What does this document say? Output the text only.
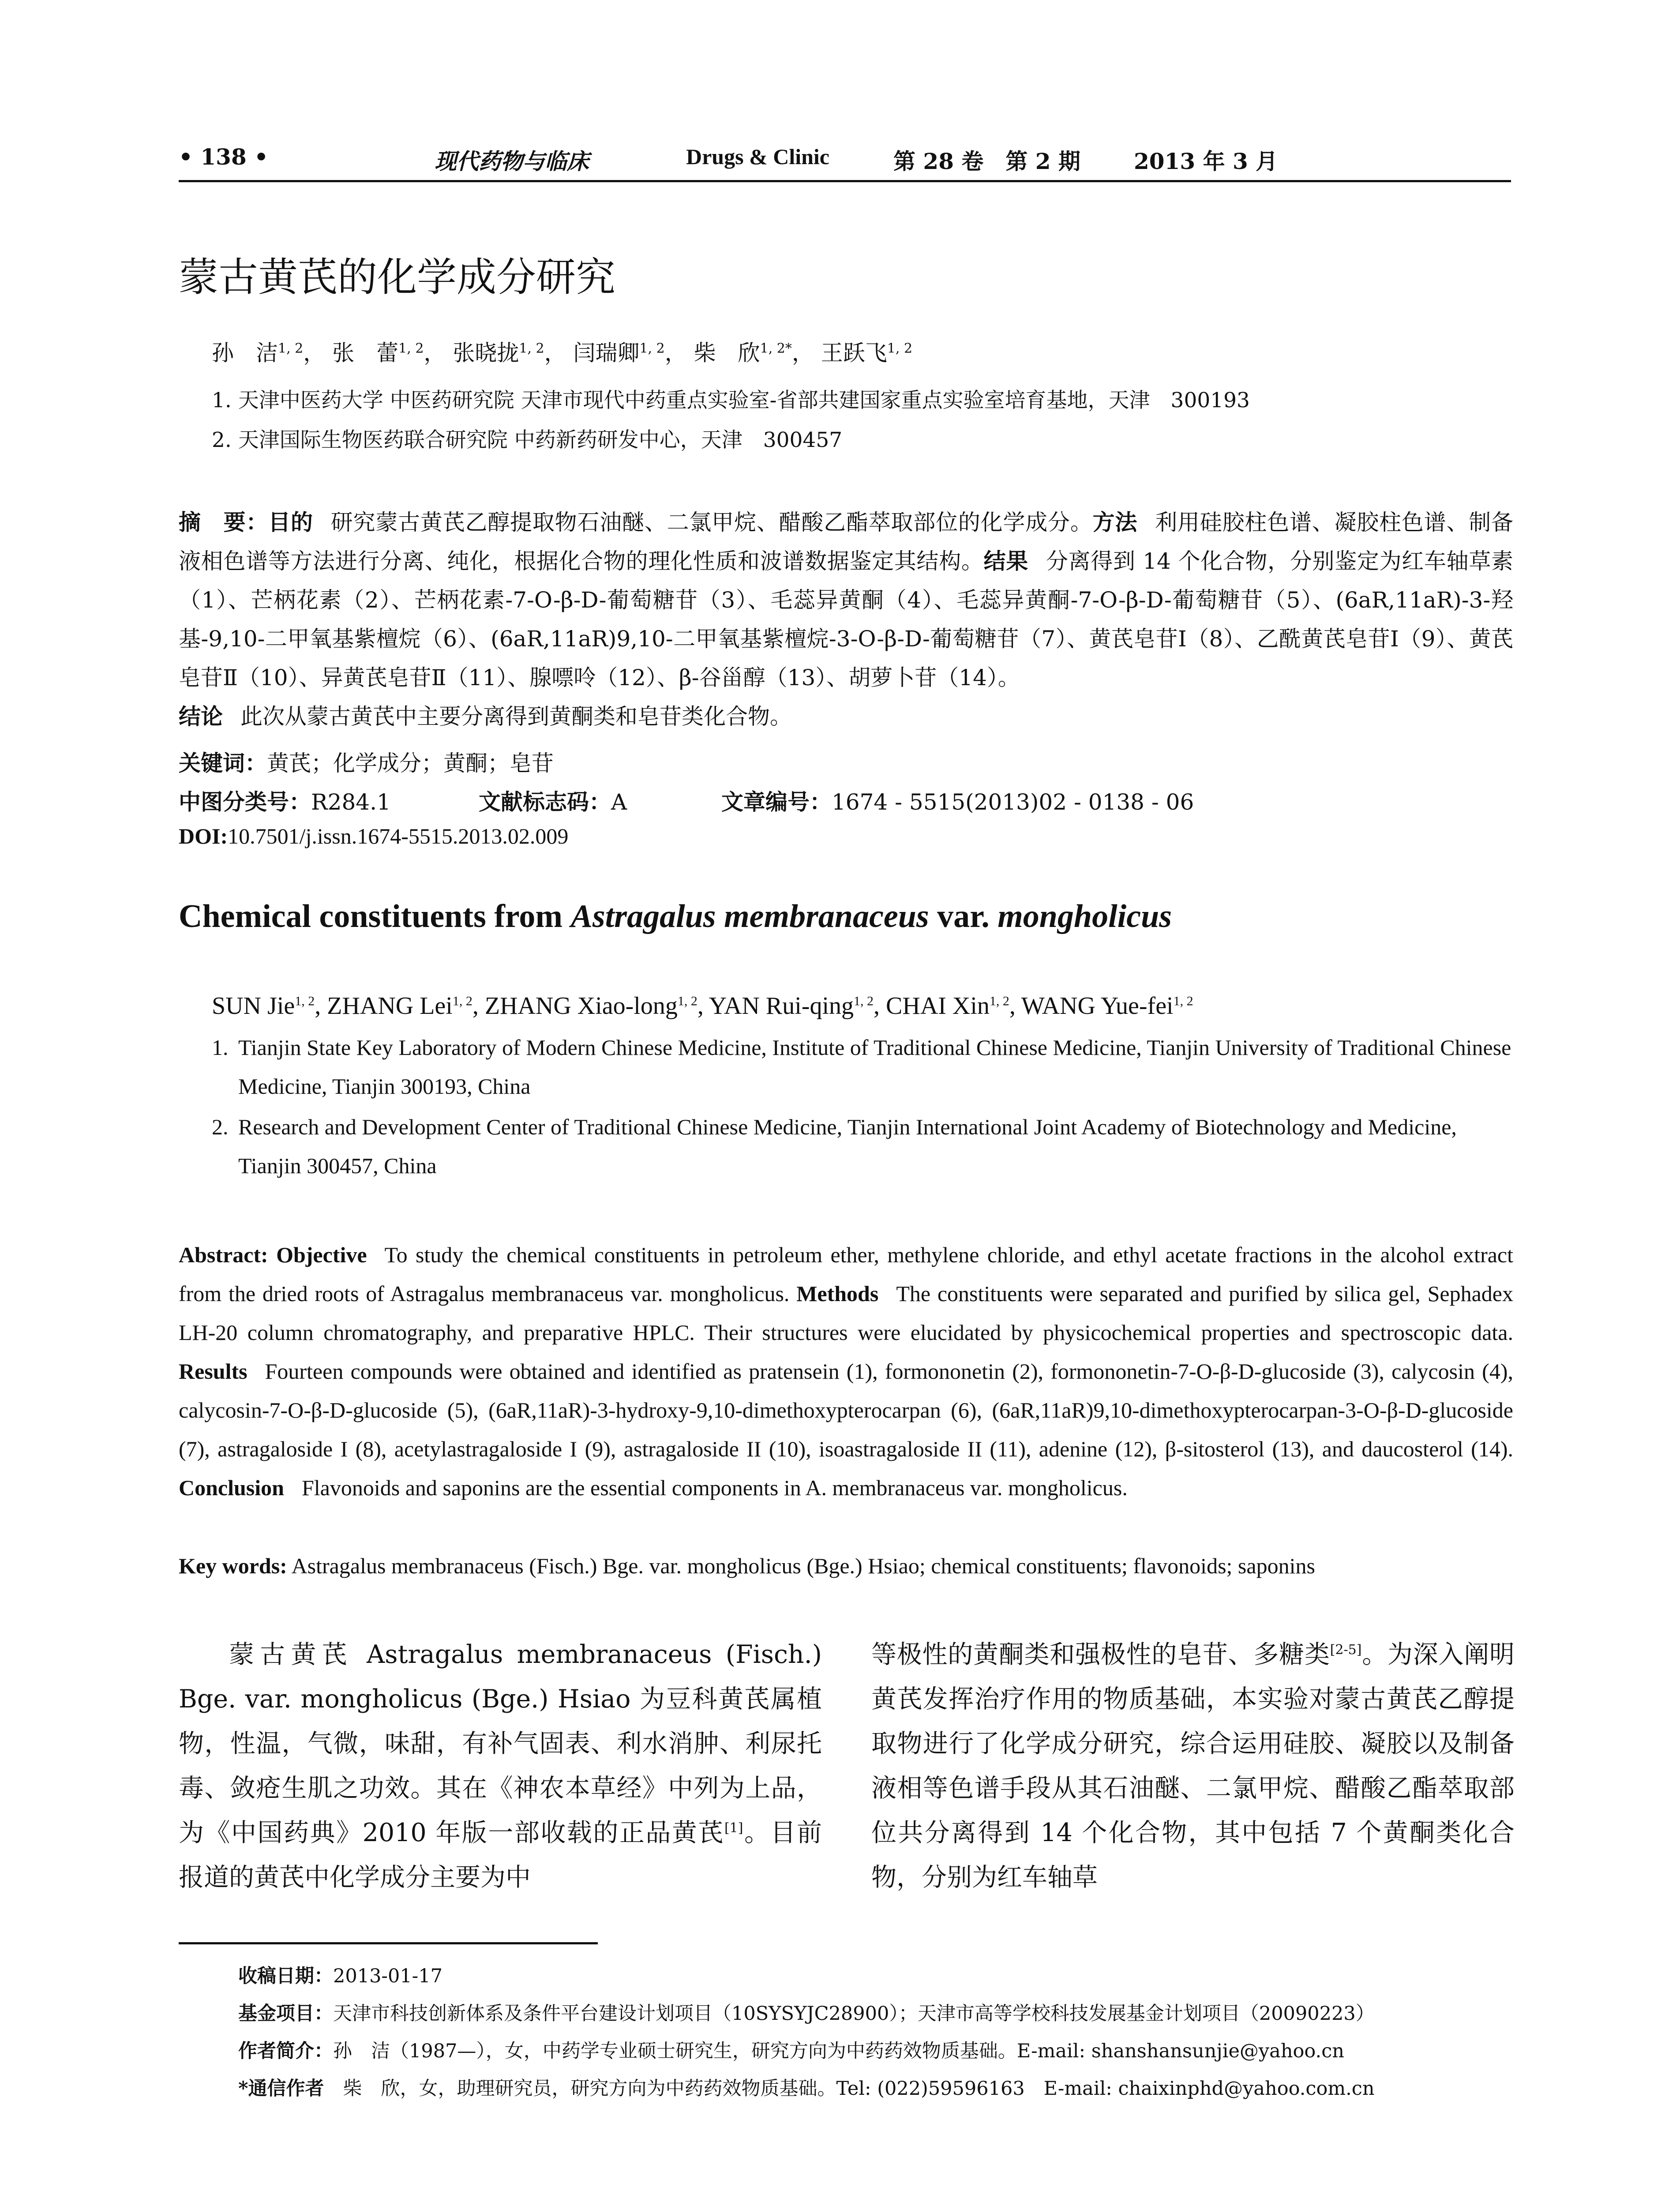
• 138 •	现代药物与临床	Drugs & Clinic	第 28 卷　第 2 期 2013 年 3 月
蒙古黄芪的化学成分研究
孙　洁$^{1, 2}$， 张　蕾$^{1, 2}$， 张晓拢$^{1, 2}$， 闫瑞卿$^{1, 2}$， 柴　欣$^{1, 2*}$， 王跃飞$^{1, 2}$
1. 天津中医药大学 中医药研究院 天津市现代中药重点实验室-省部共建国家重点实验室培育基地，天津　300193
2. 天津国际生物医药联合研究院 中药新药研发中心，天津　300457
摘　要：目的 研究蒙古黄芪乙醇提取物石油醚、二氯甲烷、醋酸乙酯萃取部位的化学成分。方法 利用硅胶柱色谱、凝胶柱色谱、制备液相色谱等方法进行分离、纯化，根据化合物的理化性质和波谱数据鉴定其结构。结果 分离得到 14 个化合物，分别鉴定为红车轴草素（1）、芒柄花素（2）、芒柄花素-7-O-β-D-葡萄糖苷（3）、毛蕊异黄酮（4）、毛蕊异黄酮-7-O-β-D-葡萄糖苷（5）、(6aR,11aR)-3-羟基-9,10-二甲氧基紫檀烷（6）、(6aR,11aR)9,10-二甲氧基紫檀烷-3-O-β-D-葡萄糖苷（7）、黄芪皂苷Ⅰ（8）、乙酰黄芪皂苷Ⅰ（9）、黄芪皂苷Ⅱ（10）、异黄芪皂苷Ⅱ（11）、腺嘌呤（12）、β-谷甾醇（13）、胡萝卜苷（14）。
结论 此次从蒙古黄芪中主要分离得到黄酮类和皂苷类化合物。
关键词：黄芪；化学成分；黄酮；皂苷
中图分类号：R284.1	文献标志码：A	文章编号：1674 - 5515(2013)02 - 0138 - 06
DOI:10.7501/j.issn.1674-5515.2013.02.009
Chemical constituents from Astragalus membranaceus var. mongholicus
SUN Jie$^{1, 2}$, ZHANG Lei$^{1, 2}$, ZHANG Xiao-long$^{1, 2}$, YAN Rui-qing$^{1, 2}$, CHAI Xin$^{1, 2}$, WANG Yue-fei$^{1, 2}$
1. Tianjin State Key Laboratory of Modern Chinese Medicine, Institute of Traditional Chinese Medicine, Tianjin University of Traditional Chinese Medicine, Tianjin 300193, China
2. Research and Development Center of Traditional Chinese Medicine, Tianjin International Joint Academy of Biotechnology and Medicine, Tianjin 300457, China
Abstract: Objective To study the chemical constituents in petroleum ether, methylene chloride, and ethyl acetate fractions in the alcohol extract from the dried roots of Astragalus membranaceus var. mongholicus. Methods The constituents were separated and purified by silica gel, Sephadex LH-20 column chromatography, and preparative HPLC. Their structures were elucidated by physicochemical properties and spectroscopic data. Results Fourteen compounds were obtained and identified as pratensein (1), formononetin (2), formononetin-7-O-β-D-glucoside (3), calycosin (4), calycosin-7-O-β-D-glucoside (5), (6aR,11aR)-3-hydroxy-9,10-dimethoxypterocarpan (6), (6aR,11aR)9,10-dimethoxypterocarpan-3-O-β-D-glucoside (7), astragaloside I (8), acetylastragaloside I (9), astragaloside II (10), isoastragaloside II (11), adenine (12), β-sitosterol (13), and daucosterol (14). Conclusion Flavonoids and saponins are the essential components in A. membranaceus var. mongholicus.
Key words: Astragalus membranaceus (Fisch.) Bge. var. mongholicus (Bge.) Hsiao; chemical constituents; flavonoids; saponins

蒙古黄芪 Astragalus membranaceus (Fisch.) Bge. var. mongholicus (Bge.) Hsiao 为豆科黄芪属植物，性温，气微，味甜，有补气固表、利水消肿、利尿托毒、敛疮生肌之功效。其在《神农本草经》中列为上品，为《中国药典》2010 年版一部收载的正品黄芪[1]。目前报道的黄芪中化学成分主要为中

等极性的黄酮类和强极性的皂苷、多糖类[2-5]。为深入阐明黄芪发挥治疗作用的物质基础，本实验对蒙古黄芪乙醇提取物进行了化学成分研究，综合运用硅胶、凝胶以及制备液相等色谱手段从其石油醚、二氯甲烷、醋酸乙酯萃取部位共分离得到 14 个化合物，其中包括 7 个黄酮类化合物，分别为红车轴草

收稿日期：2013-01-17
基金项目：天津市科技创新体系及条件平台建设计划项目（10SYSYJC28900）；天津市高等学校科技发展基金计划项目（20090223）
作者简介：孙　洁（1987—），女，中药学专业硕士研究生，研究方向为中药药效物质基础。E-mail: shanshansunjie@yahoo.cn
*通信作者　 柴　欣，女，助理研究员，研究方向为中药药效物质基础。Tel: (022)59596163　E-mail: chaixinphd@yahoo.com.cn
